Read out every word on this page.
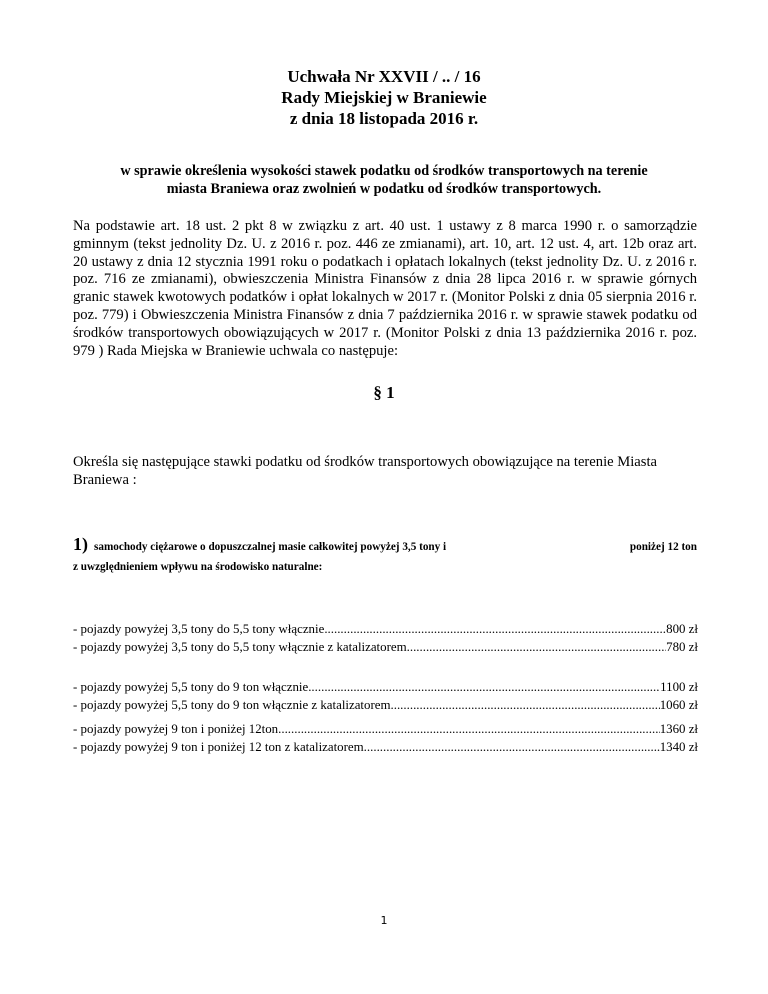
Uchwała Nr XXVII / .. / 16
Rady Miejskiej w Braniewie
z dnia 18 listopada 2016 r.
w sprawie określenia wysokości stawek podatku od środków transportowych na terenie
miasta Braniewa oraz zwolnień w podatku od środków transportowych.
Na podstawie art. 18 ust. 2 pkt 8 w związku z art. 40 ust. 1 ustawy z 8 marca 1990 r. o samorządzie gminnym (tekst jednolity Dz. U. z 2016 r. poz. 446 ze zmianami), art. 10, art. 12 ust. 4, art. 12b oraz art. 20 ustawy z dnia 12 stycznia 1991 roku o podatkach i opłatach lokalnych (tekst jednolity Dz. U. z 2016 r. poz. 716 ze zmianami), obwieszczenia Ministra Finansów z dnia 28 lipca 2016 r. w sprawie górnych granic stawek kwotowych podatków i opłat lokalnych w 2017 r. (Monitor Polski z dnia 05 sierpnia 2016 r. poz. 779) i Obwieszczenia Ministra Finansów z dnia 7 października 2016 r. w sprawie stawek podatku od środków transportowych obowiązujących w 2017 r. (Monitor Polski z dnia 13 października 2016 r. poz. 979 ) Rada Miejska w Braniewie uchwala co następuje:
§ 1
Określa się następujące stawki podatku od środków transportowych obowiązujące na terenie Miasta Braniewa :
1) samochody ciężarowe o dopuszczalnej masie całkowitej powyżej 3,5 tony i	poniżej 12 ton
z uwzględnieniem wpływu na środowisko naturalne:
- pojazdy powyżej 3,5 tony do 5,5 tony włącznie .....	800 zł
- pojazdy powyżej 3,5 tony do 5,5 tony włącznie z katalizatorem .....	780 zł
- pojazdy powyżej 5,5 tony do 9 ton włącznie .....	1100 zł
- pojazdy powyżej 5,5 tony do 9 ton włącznie z katalizatorem .....	1060 zł
- pojazdy powyżej 9 ton i poniżej 12ton .....	1360 zł
- pojazdy powyżej 9 ton i poniżej 12 ton z katalizatorem .....	1340 zł
1
